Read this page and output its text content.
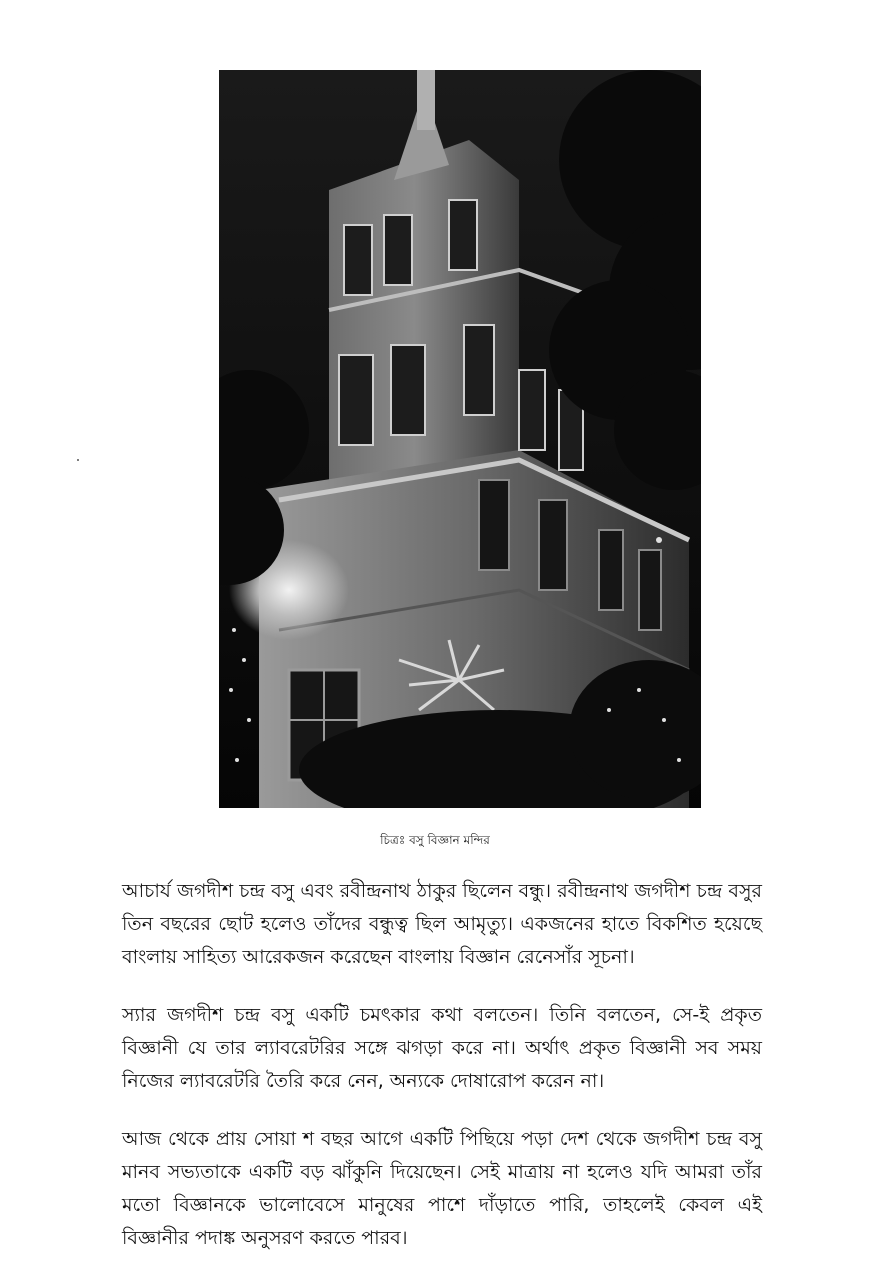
চিত্রঃ বসু বিজ্ঞান মন্দির

আচার্য জগদীশ চন্দ্র বসু এবং রবীন্দ্রনাথ ঠাকুর ছিলেন বন্ধু। রবীন্দ্রনাথ জগদীশ চন্দ্র বসুর তিন বছরের ছোট হলেও তাঁদের বন্ধুত্ব ছিল আমৃত্যু। একজনের হাতে বিকশিত হয়েছে বাংলায় সাহিত্য আরেকজন করেছেন বাংলায় বিজ্ঞান রেনেসাঁর সূচনা।

স্যার জগদীশ চন্দ্র বসু একটি চমৎকার কথা বলতেন। তিনি বলতেন, সে-ই প্রকৃত বিজ্ঞানী যে তার ল্যাবরেটরির সঙ্গে ঝগড়া করে না। অর্থাৎ প্রকৃত বিজ্ঞানী সব সময় নিজের ল্যাবরেটরি তৈরি করে নেন, অন্যকে দোষারোপ করেন না।

আজ থেকে প্রায় সোয়া শ বছর আগে একটি পিছিয়ে পড়া দেশ থেকে জগদীশ চন্দ্র বসু মানব সভ্যতাকে একটি বড় ঝাঁকুনি দিয়েছেন। সেই মাত্রায় না হলেও যদি আমরা তাঁর মতো বিজ্ঞানকে ভালোবেসে মানুষের পাশে দাঁড়াতে পারি, তাহলেই কেবল এই বিজ্ঞানীর পদাঙ্ক অনুসরণ করতে পারব।
